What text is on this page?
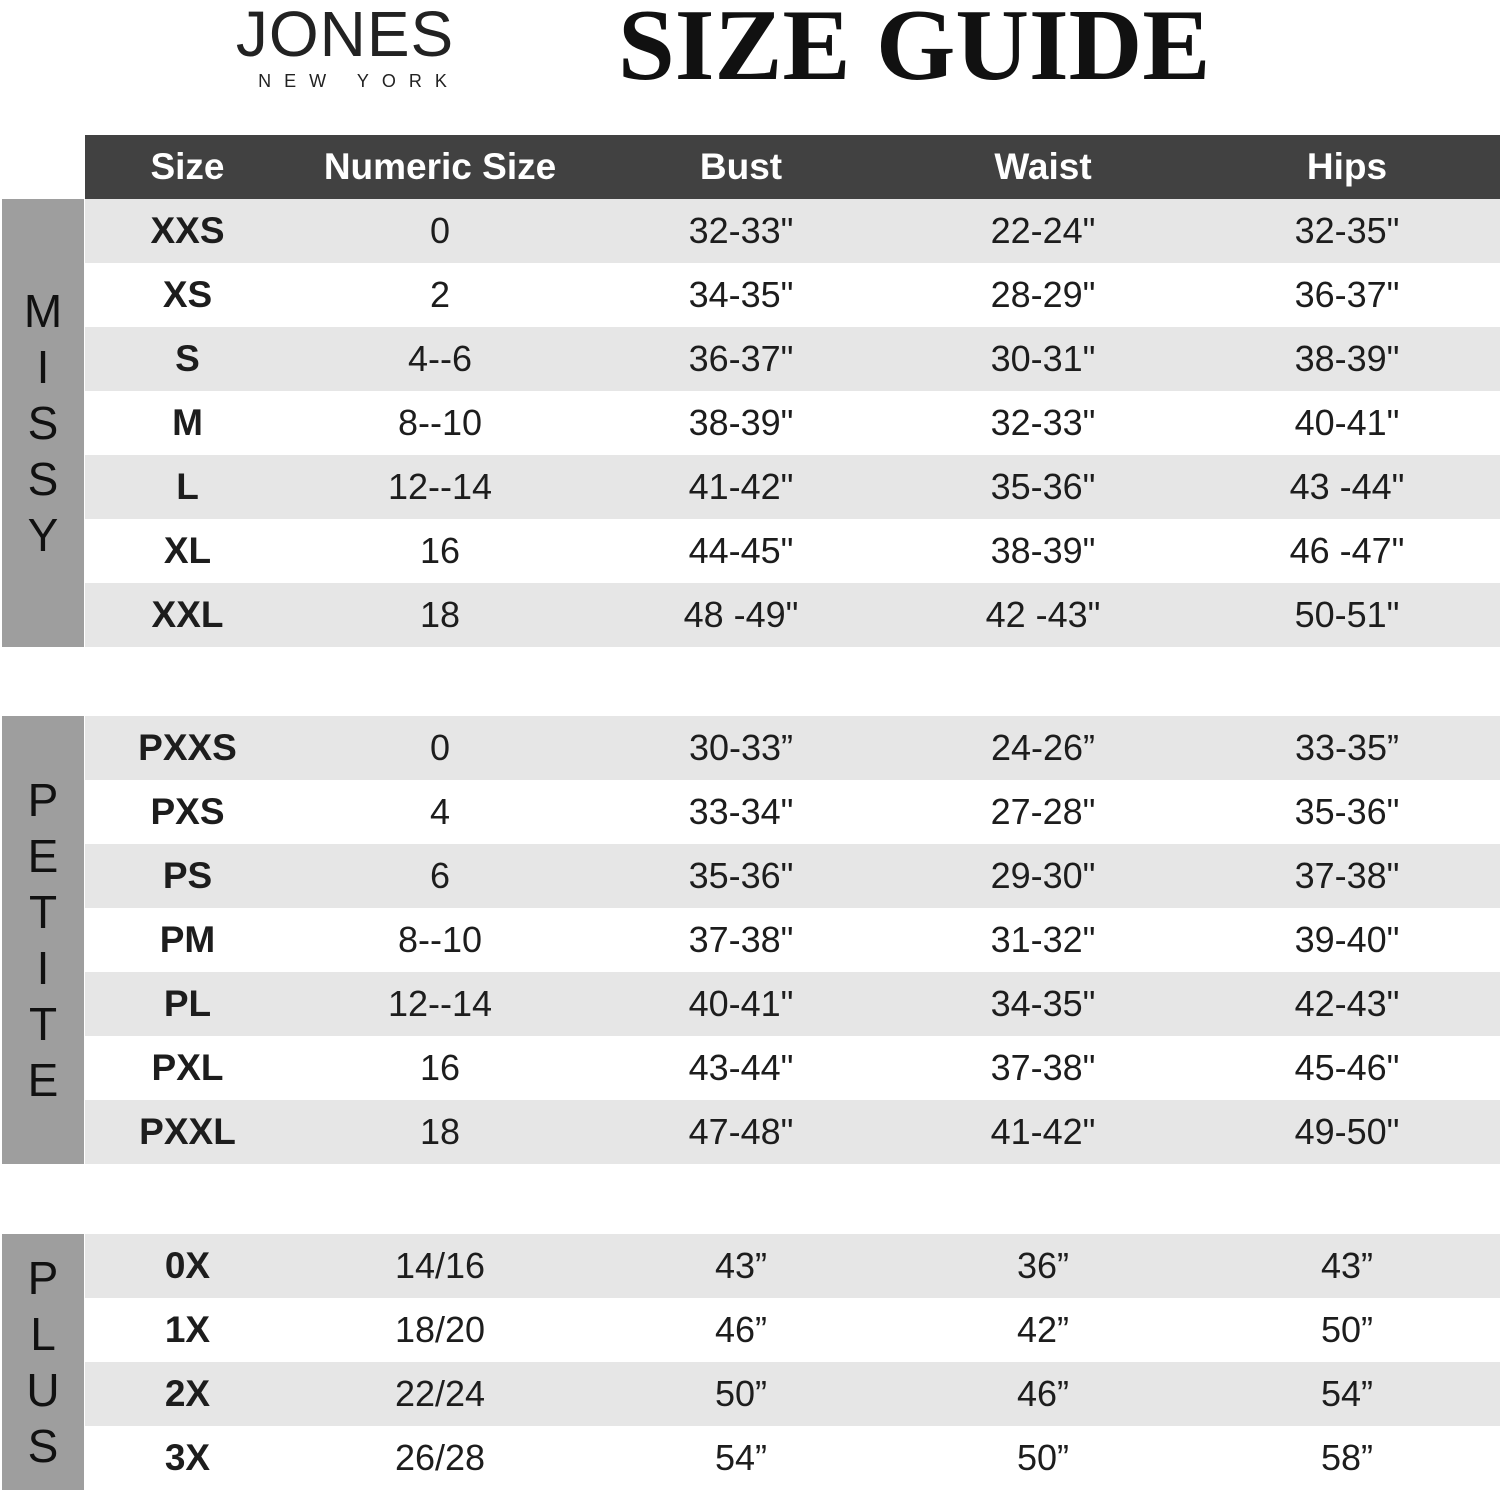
JONES
NEW YORK	SIZE GUIDE
Size	Numeric Size	Bust	Waist	Hips
M
I
S
S
Y
XXS	0	32-33"	22-24"	32-35"
XS	2	34-35"	28-29"	36-37"
S	4--6	36-37"	30-31"	38-39"
M	8--10	38-39"	32-33"	40-41"
L	12--14	41-42"	35-36"	43 -44"
XL	16	44-45"	38-39"	46 -47"
XXL	18	48 -49"	42 -43"	50-51"
P
E
T
I
T
E
PXXS	0	30-33”	24-26”	33-35”
PXS	4	33-34"	27-28"	35-36"
PS	6	35-36"	29-30"	37-38"
PM	8--10	37-38"	31-32"	39-40"
PL	12--14	40-41"	34-35"	42-43"
PXL	16	43-44"	37-38"	45-46"
PXXL	18	47-48"	41-42"	49-50"
P
L
U
S
0X	14/16	43”	36”	43”
1X	18/20	46”	42”	50”
2X	22/24	50”	46”	54”
3X	26/28	54”	50”	58”
